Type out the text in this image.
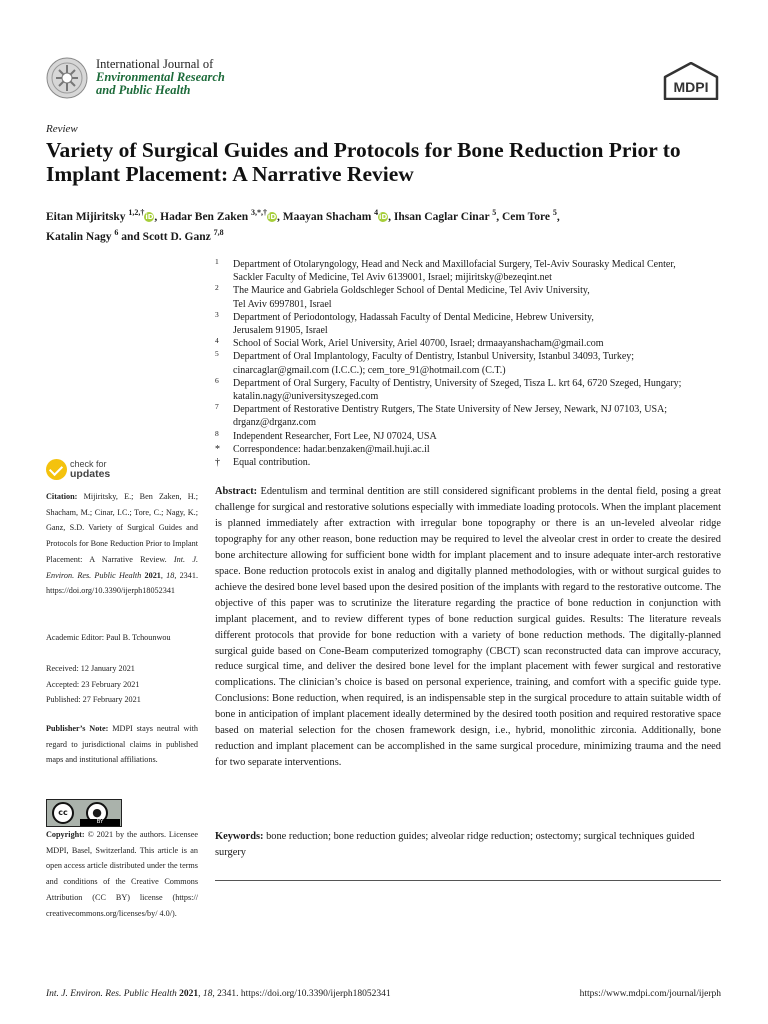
International Journal of
Environmental Research
and Public Health	MDPI
Review
Variety of Surgical Guides and Protocols for Bone Reduction Prior to Implant Placement: A Narrative Review
Eitan Mijiritsky $^{1,2,\dagger}$iD, Hadar Ben Zaken $^{3,*,\dagger}$iD, Maayan Shacham $^4$iD, Ihsan Caglar Cinar $^5$, Cem Tore $^5$,
Katalin Nagy $^6$ and Scott D. Ganz $^{7,8}$
1 Department of Otolaryngology, Head and Neck and Maxillofacial Surgery, Tel-Aviv Sourasky Medical Center,
Sackler Faculty of Medicine, Tel Aviv 6139001, Israel; mijiritsky@bezeqint.net
2 The Maurice and Gabriela Goldschleger School of Dental Medicine, Tel Aviv University,
Tel Aviv 6997801, Israel
3 Department of Periodontology, Hadassah Faculty of Dental Medicine, Hebrew University,
Jerusalem 91905, Israel
4 School of Social Work, Ariel University, Ariel 40700, Israel; drmaayanshacham@gmail.com
5 Department of Oral Implantology, Faculty of Dentistry, Istanbul University, Istanbul 34093, Turkey;
cinarcaglar@gmail.com (I.C.C.); cem_tore_91@hotmail.com (C.T.)
6 Department of Oral Surgery, Faculty of Dentistry, University of Szeged, Tisza L. krt 64, 6720 Szeged, Hungary;
katalin.nagy@universityszeged.com
7 Department of Restorative Dentistry Rutgers, The State University of New Jersey, Newark, NJ 07103, USA;
drganz@drganz.com
8 Independent Researcher, Fort Lee, NJ 07024, USA
* Correspondence: hadar.benzaken@mail.huji.ac.il
† Equal contribution.
check for
updates
Citation: Mijiritsky, E.; Ben Zaken, H.; Shacham, M.; Cinar, I.C.; Tore, C.; Nagy, K.; Ganz, S.D. Variety of Surgical Guides and Protocols for Bone Reduction Prior to Implant Placement: A Narrative Review. Int. J. Environ. Res. Public Health 2021, 18, 2341. https://doi.org/10.3390/ijerph18052341
Academic Editor: Paul B. Tchounwou
Received: 12 January 2021
Accepted: 23 February 2021
Published: 27 February 2021
Publisher’s Note: MDPI stays neutral with regard to jurisdictional claims in published maps and institutional affiliations.
cc	●
BY
Copyright: © 2021 by the authors. Licensee MDPI, Basel, Switzerland. This article is an open access article distributed under the terms and conditions of the Creative Commons Attribution (CC BY) license (https:// creativecommons.org/licenses/by/ 4.0/).
Abstract: Edentulism and terminal dentition are still considered significant problems in the dental field, posing a great challenge for surgical and restorative solutions especially with immediate loading protocols. When the implant placement is planned immediately after extraction with irregular bone topography or there is an un-leveled alveolar ridge topography for any other reason, bone reduction may be required to level the alveolar crest in order to create the desired bone architecture allowing for sufficient bone width for implant placement and to insure adequate inter-arch restorative space. Bone reduction protocols exist in analog and digitally planned methodologies, with or without surgical guides to achieve the desired bone level based upon the desired position of the implants with regard to the restorative outcome. The objective of this paper was to scrutinize the literature regarding the practice of bone reduction in conjunction with implant placement, and to review different types of bone reduction surgical guides. Results: The literature reveals different protocols that provide for bone reduction with a variety of bone reduction methods. The digitally-planned surgical guide based on Cone-Beam computerized tomography (CBCT) scan reconstructed data can improve accuracy, reduce surgical time, and deliver the desired bone level for the implant placement with fewer surgical and restorative complications. The clinician’s choice is based on personal experience, training, and comfort with a specific guide type. Conclusions: Bone reduction, when required, is an indispensable step in the surgical procedure to attain suitable width of bone in anticipation of implant placement ideally determined by the desired tooth position and required restorative space based on material selection for the chosen framework design, i.e., hybrid, monolithic zirconia. Additionally, bone reduction and implant placement can be accomplished in the same surgical procedure, minimizing trauma and the need for two separate interventions.
Keywords: bone reduction; bone reduction guides; alveolar ridge reduction; ostectomy; surgical techniques guided surgery
Int. J. Environ. Res. Public Health 2021, 18, 2341. https://doi.org/10.3390/ijerph18052341	https://www.mdpi.com/journal/ijerph
